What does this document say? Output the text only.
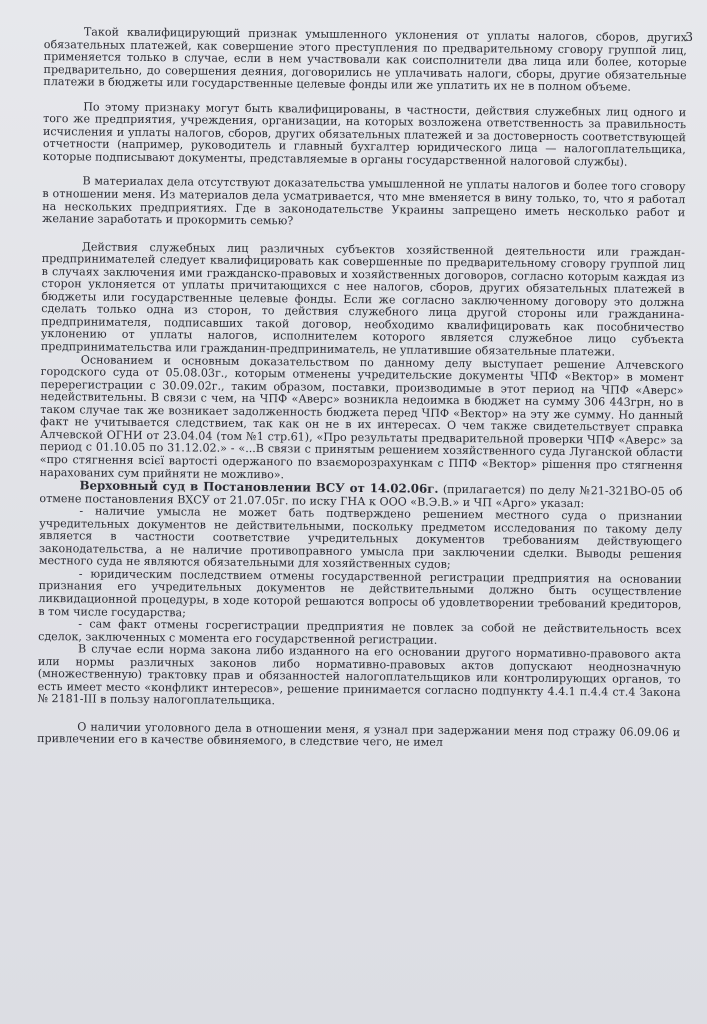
3

Такой квалифицирующий признак умышленного уклонения от уплаты налогов, сборов, других обязательных платежей, как совершение этого преступления по предварительному сговору группой лиц, применяется только в случае, если в нем участвовали как соисполнители два лица или более, которые предварительно, до совершения деяния, договорились не уплачивать налоги, сборы, другие обязательные платежи в бюджеты или государственные целевые фонды или же уплатить их не в полном объеме.

По этому признаку могут быть квалифицированы, в частности, действия служебных лиц одного и того же предприятия, учреждения, организации, на которых возложена ответственность за правильность исчисления и уплаты налогов, сборов, других обязательных платежей и за достоверность соответствующей отчетности (например, руководитель и главный бухгалтер юридического лица — налогоплательщика, которые подписывают документы, представляемые в органы государственной налоговой службы).

В материалах дела отсутствуют доказательства умышленной не уплаты налогов и более того сговору в отношении меня. Из материалов дела усматривается, что мне вменяется в вину только, то, что я работал на нескольких предприятиях. Где в законодательстве Украины запрещено иметь несколько работ и желание заработать и прокормить семью?

Действия служебных лиц различных субъектов хозяйственной деятельности или граждан-предпринимателей следует квалифицировать как совершенные по предварительному сговору группой лиц в случаях заключения ими гражданско-правовых и хозяйственных договоров, согласно которым каждая из сторон уклоняется от уплаты причитающихся с нее налогов, сборов, других обязательных платежей в бюджеты или государственные целевые фонды. Если же согласно заключенному договору это должна сделать только одна из сторон, то действия служебного лица другой стороны или гражданина-предпринимателя, подписавших такой договор, необходимо квалифицировать как пособничество уклонению от уплаты налогов, исполнителем которого является служебное лицо субъекта предпринимательства или гражданин-предприниматель, не уплатившие обязательные платежи.

Основанием и основным доказательством по данному делу выступает решение Алчевского городского суда от 05.08.03г., которым отменены учредительские документы ЧПФ «Вектор» в момент перерегистрации с 30.09.02г., таким образом, поставки, производимые в этот период на ЧПФ «Аверс» недействительны. В связи с чем, на ЧПФ «Аверс» возникла недоимка в бюджет на сумму 306 443грн, но в таком случае так же возникает задолженность бюджета перед ЧПФ «Вектор» на эту же сумму. Но данный факт не учитывается следствием, так как он не в их интересах. О чем также свидетельствует справка Алчевской ОГНИ от 23.04.04 (том №1 стр.61), «Про результаты предварительной проверки ЧПФ «Аверс» за период с 01.10.05 по 31.12.02.» - «...В связи с принятым решением хозяйственного суда Луганской области «про стягнення всієї вартості одержаного по взаєморозрахункам с ППФ «Вектор» рішення про стягнення нарахованих сум прийняти не можливо».

Верховный суд в Постановлении ВСУ от 14.02.06г. (прилагается) по делу №21-321ВО-05 об отмене постановления ВХСУ от 21.07.05г. по иску ГНА к ООО «В.Э.В.» и ЧП «Арго» указал:

- наличие умысла не может бать подтверждено решением местного суда о признании учредительных документов не действительными, поскольку предметом исследования по такому делу является в частности соответствие учредительных документов требованиям действующего законодательства, а не наличие противоправного умысла при заключении сделки. Выводы решения местного суда не являются обязательными для хозяйственных судов;

- юридическим последствием отмены государственной регистрации предприятия на основании признания его учредительных документов не действительными должно быть осуществление ликвидационной процедуры, в ходе которой решаются вопросы об удовлетворении требований кредиторов, в том числе государства;

- сам факт отмены госрегистрации предприятия не повлек за собой не действительность всех сделок, заключенных с момента его государственной регистрации.

В случае если норма закона либо изданного на его основании другого нормативно-правового акта или нормы различных законов либо нормативно-правовых актов допускают неоднозначную (множественную) трактовку прав и обязанностей налогоплательщиков или контролирующих органов, то есть имеет место «конфликт интересов», решение принимается согласно подпункту 4.4.1 п.4.4 ст.4 Закона № 2181-III в пользу налогоплательщика.

О наличии уголовного дела в отношении меня, я узнал при задержании меня под стражу 06.09.06 и привлечении его в качестве обвиняемого, в следствие чего, не имел
